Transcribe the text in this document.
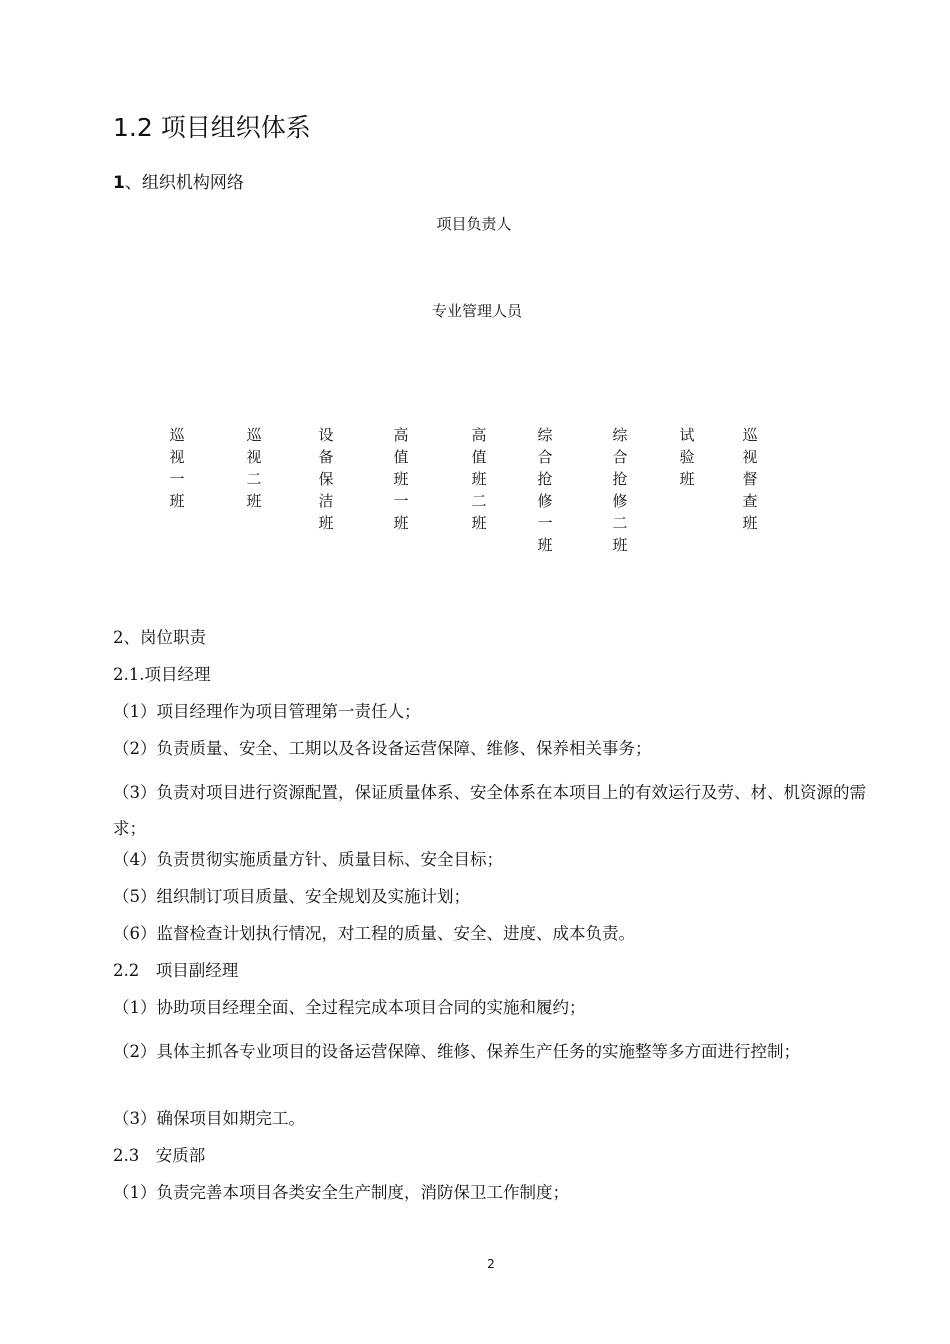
1.2 项目组织体系
1、组织机构网络
项目负责人
专业管理人员
巡
视
一
班
巡
视
二
班
设
备
保
洁
班
高
值
班
一
班
高
值
班
二
班
综
合
抢
修
一
班
综
合
抢
修
二
班
试
验
班
巡
视
督
查
班
2、岗位职责
2.1.项目经理
（1）项目经理作为项目管理第一责任人；
（2）负责质量、安全、工期以及各设备运营保障、维修、保养相关事务；
（3）负责对项目进行资源配置，保证质量体系、安全体系在本项目上的有效运行及劳、材、机资源的需求；
（4）负责贯彻实施质量方针、质量目标、安全目标；
（5）组织制订项目质量、安全规划及实施计划；
（6）监督检查计划执行情况，对工程的质量、安全、进度、成本负责。
2.2　项目副经理
（1）协助项目经理全面、全过程完成本项目合同的实施和履约；
（2）具体主抓各专业项目的设备运营保障、维修、保养生产任务的实施整等多方面进行控制；
（3）确保项目如期完工。
2.3　安质部
（1）负责完善本项目各类安全生产制度，消防保卫工作制度；
2
